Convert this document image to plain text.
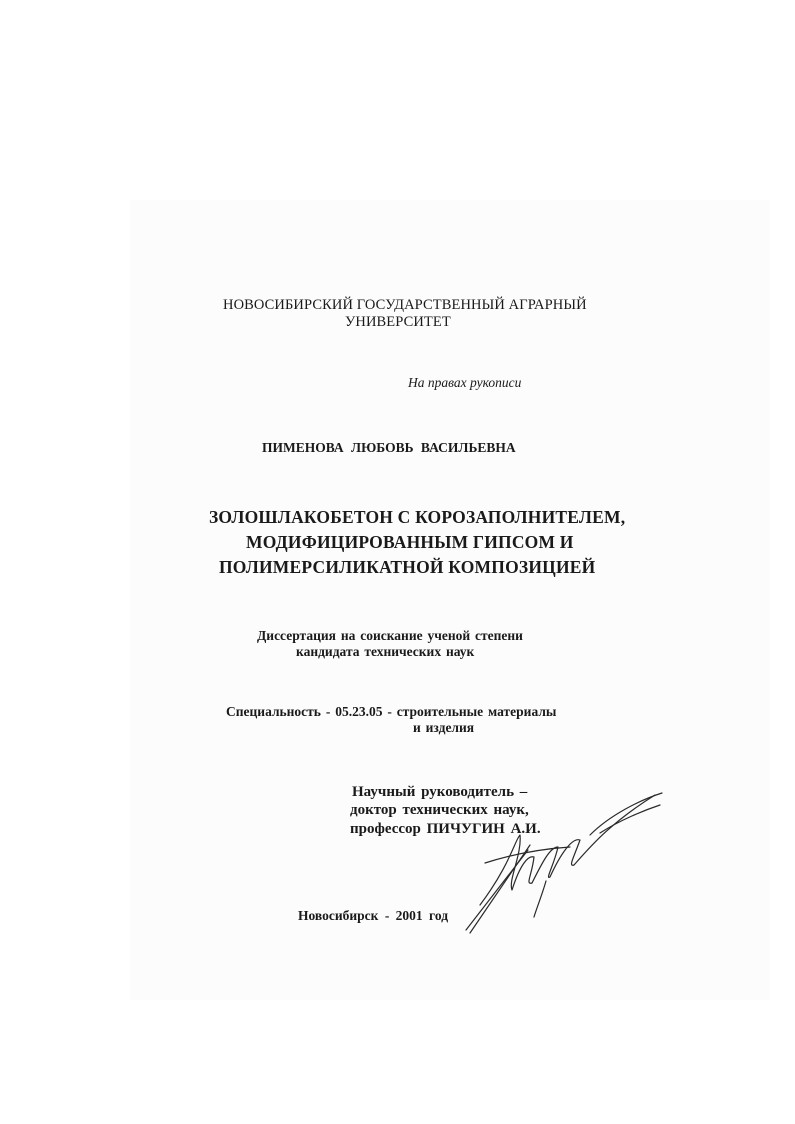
НОВОСИБИРСКИЙ ГОСУДАРСТВЕННЫЙ АГРАРНЫЙ
УНИВЕРСИТЕТ
На правах рукописи
ПИМЕНОВА ЛЮБОВЬ ВАСИЛЬЕВНА
ЗОЛОШЛАКОБЕТОН С КОРОЗАПОЛНИТЕЛЕМ,
МОДИФИЦИРОВАННЫМ ГИПСОМ И
ПОЛИМЕРСИЛИКАТНОЙ КОМПОЗИЦИЕЙ
Диссертация на соискание ученой степени
кандидата технических наук
Специальность - 05.23.05 - строительные материалы
и изделия
Научный руководитель –
доктор технических наук,
профессор ПИЧУГИН А.И.
Новосибирск - 2001 год
